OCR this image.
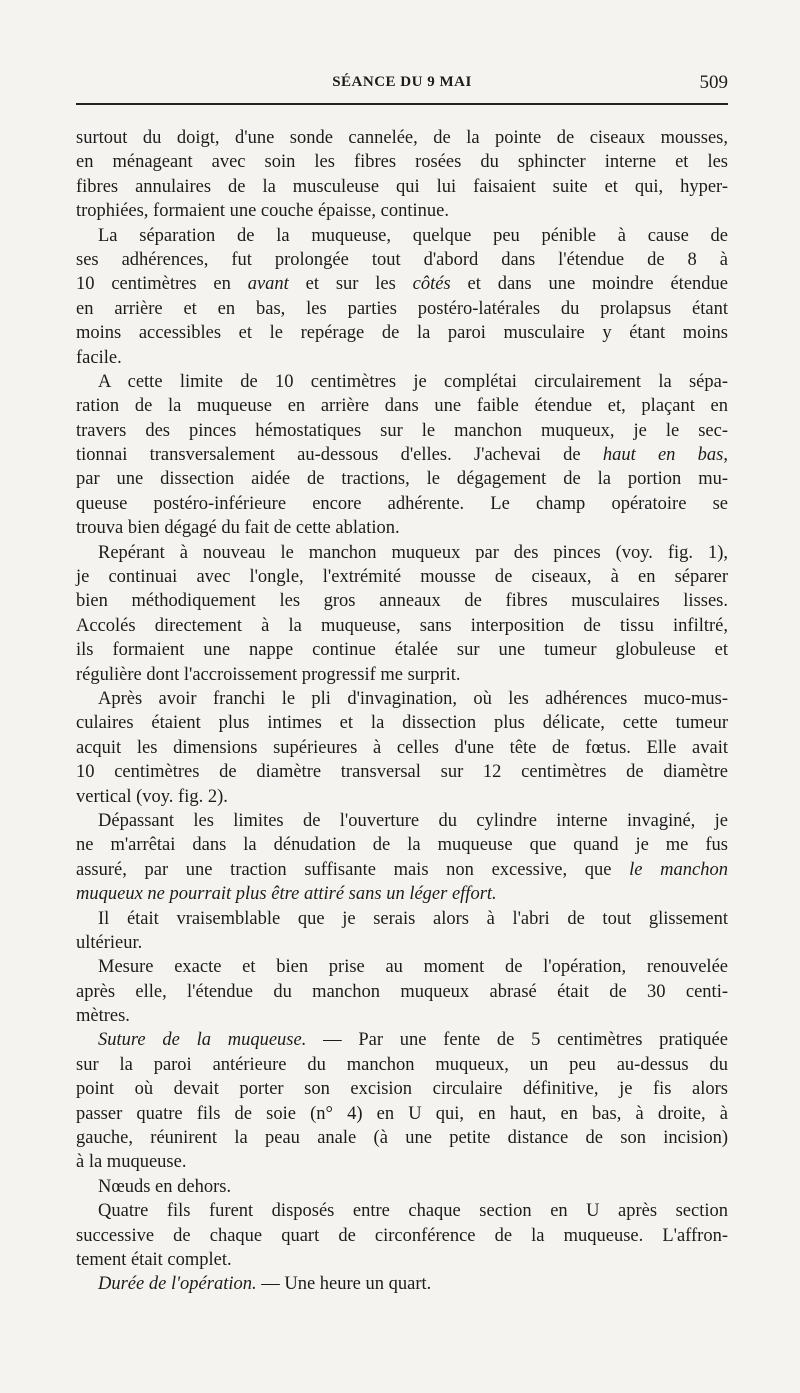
SÉANCE DU 9 MAI	509
surtout du doigt, d'une sonde cannelée, de la pointe de ciseaux mousses,
en ménageant avec soin les fibres rosées du sphincter interne et les
fibres annulaires de la musculeuse qui lui faisaient suite et qui, hyper-
trophiées, formaient une couche épaisse, continue.
La séparation de la muqueuse, quelque peu pénible à cause de
ses adhérences, fut prolongée tout d'abord dans l'étendue de 8 à
10 centimètres en avant et sur les côtés et dans une moindre étendue
en arrière et en bas, les parties postéro-latérales du prolapsus étant
moins accessibles et le repérage de la paroi musculaire y étant moins
facile.
A cette limite de 10 centimètres je complétai circulairement la sépa-
ration de la muqueuse en arrière dans une faible étendue et, plaçant en
travers des pinces hémostatiques sur le manchon muqueux, je le sec-
tionnai transversalement au-dessous d'elles. J'achevai de haut en bas,
par une dissection aidée de tractions, le dégagement de la portion mu-
queuse postéro-inférieure encore adhérente. Le champ opératoire se
trouva bien dégagé du fait de cette ablation.
Repérant à nouveau le manchon muqueux par des pinces (voy. fig. 1),
je continuai avec l'ongle, l'extrémité mousse de ciseaux, à en séparer
bien méthodiquement les gros anneaux de fibres musculaires lisses.
Accolés directement à la muqueuse, sans interposition de tissu infiltré,
ils formaient une nappe continue étalée sur une tumeur globuleuse et
régulière dont l'accroissement progressif me surprit.
Après avoir franchi le pli d'invagination, où les adhérences muco-mus-
culaires étaient plus intimes et la dissection plus délicate, cette tumeur
acquit les dimensions supérieures à celles d'une tête de fœtus. Elle avait
10 centimètres de diamètre transversal sur 12 centimètres de diamètre
vertical (voy. fig. 2).
Dépassant les limites de l'ouverture du cylindre interne invaginé, je
ne m'arrêtai dans la dénudation de la muqueuse que quand je me fus
assuré, par une traction suffisante mais non excessive, que le manchon
muqueux ne pourrait plus être attiré sans un léger effort.
Il était vraisemblable que je serais alors à l'abri de tout glissement
ultérieur.
Mesure exacte et bien prise au moment de l'opération, renouvelée
après elle, l'étendue du manchon muqueux abrasé était de 30 centi-
mètres.
Suture de la muqueuse. — Par une fente de 5 centimètres pratiquée
sur la paroi antérieure du manchon muqueux, un peu au-dessus du
point où devait porter son excision circulaire définitive, je fis alors
passer quatre fils de soie (n° 4) en U qui, en haut, en bas, à droite, à
gauche, réunirent la peau anale (à une petite distance de son incision)
à la muqueuse.
Nœuds en dehors.
Quatre fils furent disposés entre chaque section en U après section
successive de chaque quart de circonférence de la muqueuse. L'affron-
tement était complet.
Durée de l'opération. — Une heure un quart.
